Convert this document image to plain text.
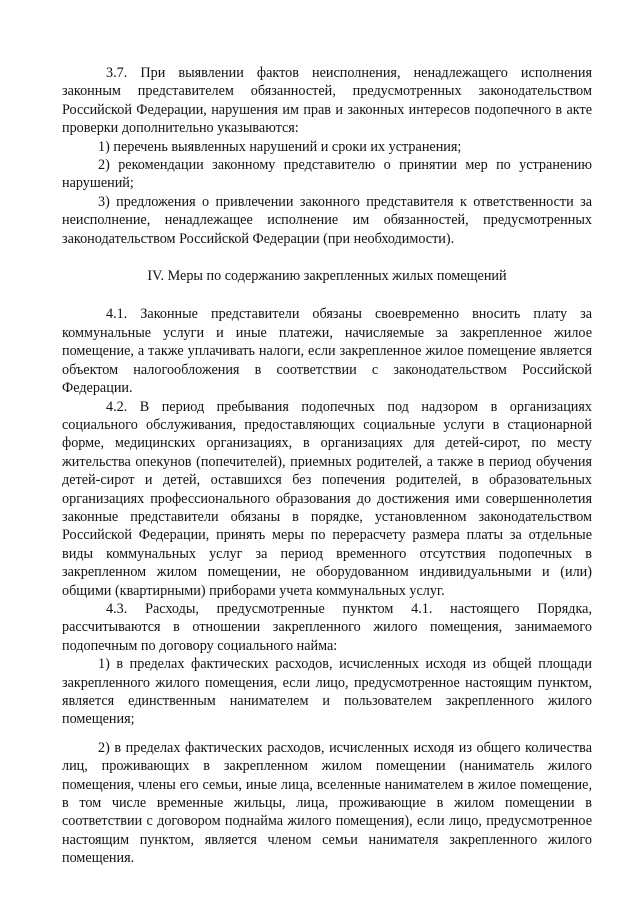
3.7. При выявлении фактов неисполнения, ненадлежащего исполнения законным представителем обязанностей, предусмотренных законодательством Российской Федерации, нарушения им прав и законных интересов подопечного в акте проверки дополнительно указываются:

1) перечень выявленных нарушений и сроки их устранения;

2) рекомендации законному представителю о принятии мер по устранению нарушений;

3) предложения о привлечении законного представителя к ответственности за неисполнение, ненадлежащее исполнение им обязанностей, предусмотренных законодательством Российской Федерации (при необходимости).

IV. Меры по содержанию закрепленных жилых помещений

4.1. Законные представители обязаны своевременно вносить плату за коммунальные услуги и иные платежи, начисляемые за закрепленное жилое помещение, а также уплачивать налоги, если закрепленное жилое помещение является объектом налогообложения в соответствии с законодательством Российской Федерации.

4.2. В период пребывания подопечных под надзором в организациях социального обслуживания, предоставляющих социальные услуги в стационарной форме, медицинских организациях, в организациях для детей-сирот, по месту жительства опекунов (попечителей), приемных родителей, а также в период обучения детей-сирот и детей, оставшихся без попечения родителей, в образовательных организациях профессионального образования до достижения ими совершеннолетия законные представители обязаны в порядке, установленном законодательством Российской Федерации, принять меры по перерасчету размера платы за отдельные виды коммунальных услуг за период временного отсутствия подопечных в закрепленном жилом помещении, не оборудованном индивидуальными и (или) общими (квартирными) приборами учета коммунальных услуг.

4.3. Расходы, предусмотренные пунктом 4.1. настоящего Порядка, рассчитываются в отношении закрепленного жилого помещения, занимаемого подопечным по договору социального найма:

1) в пределах фактических расходов, исчисленных исходя из общей площади закрепленного жилого помещения, если лицо, предусмотренное настоящим пунктом, является единственным нанимателем и пользователем закрепленного жилого помещения;

2) в пределах фактических расходов, исчисленных исходя из общего количества лиц, проживающих в закрепленном жилом помещении (наниматель жилого помещения, члены его семьи, иные лица, вселенные нанимателем в жилое помещение, в том числе временные жильцы, лица, проживающие в жилом помещении в соответствии с договором поднайма жилого помещения), если лицо, предусмотренное настоящим пунктом, является членом семьи нанимателя закрепленного жилого помещения.
